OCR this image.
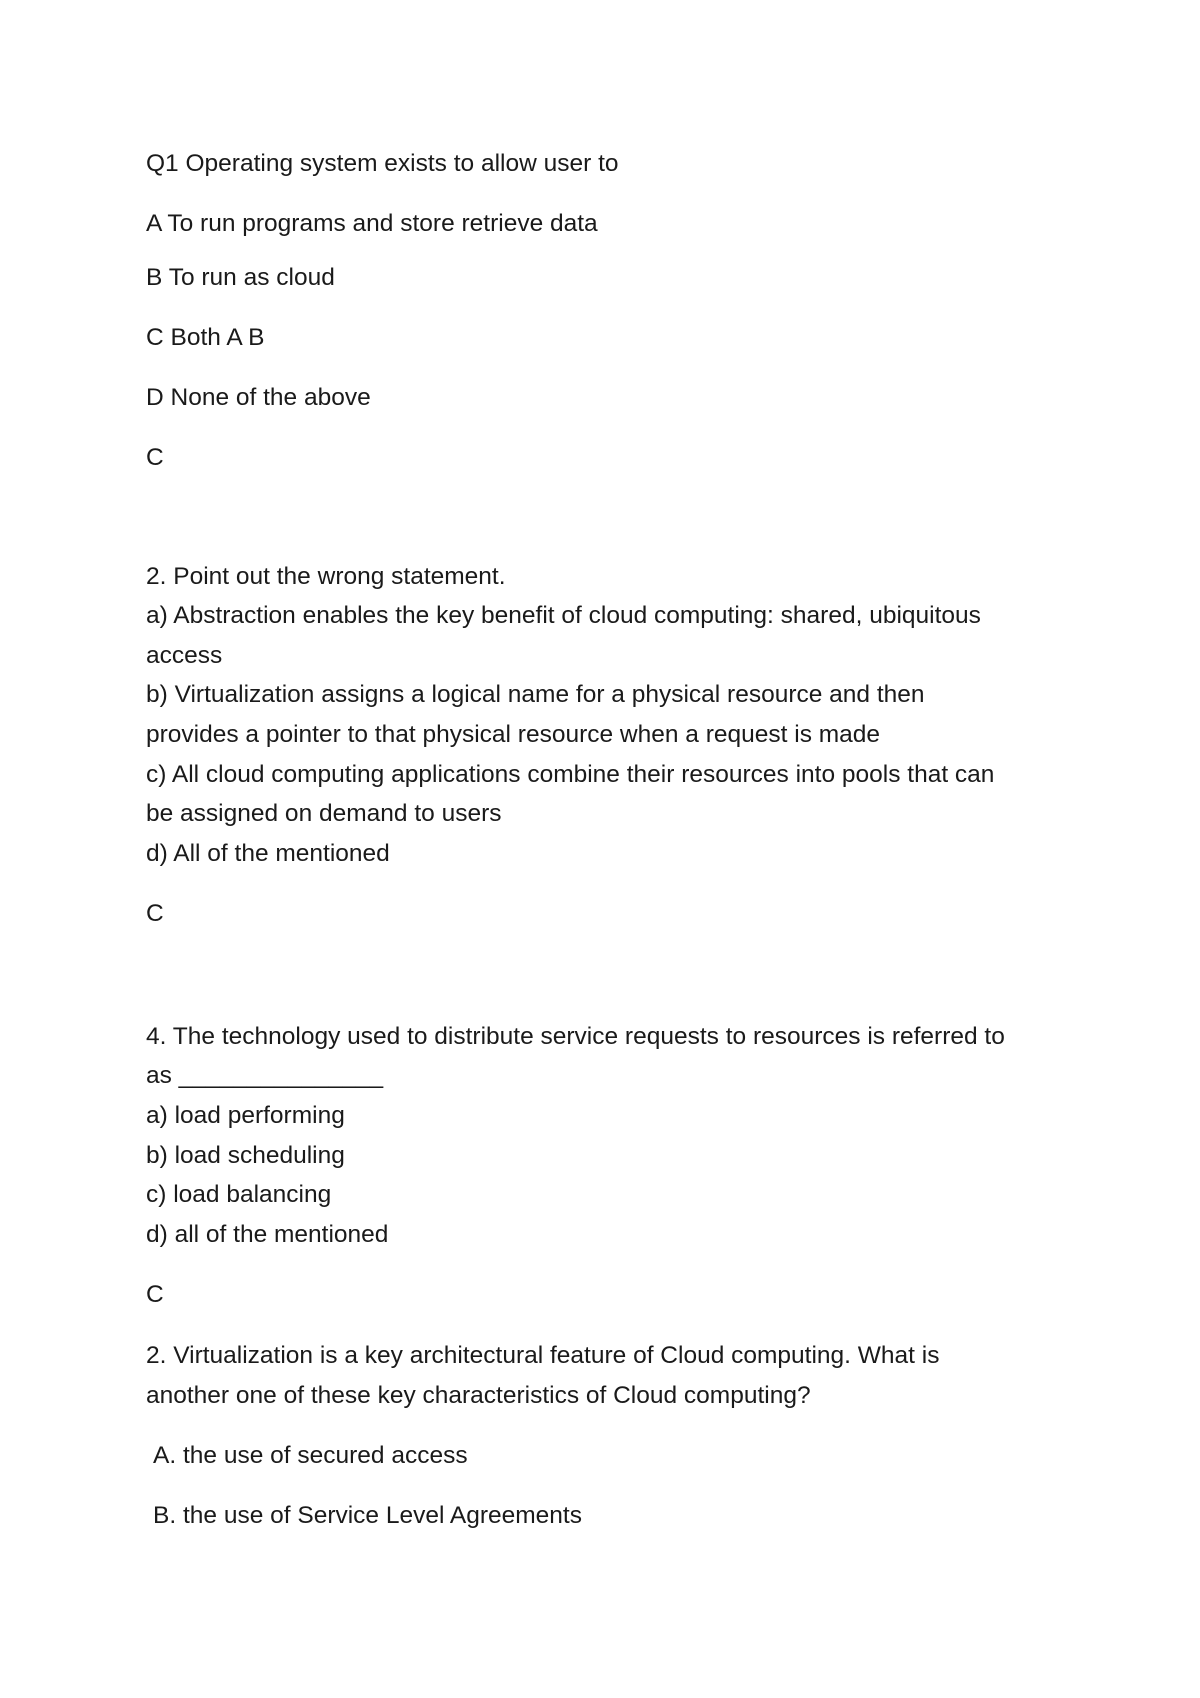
Q1 Operating system exists to allow user to

A To run programs and store retrieve data

B To run as cloud

C Both A B

D None of the above

C

2. Point out the wrong statement.

a) Abstraction enables the key benefit of cloud computing: shared, ubiquitous

access

b) Virtualization assigns a logical name for a physical resource and then

provides a pointer to that physical resource when a request is made

c) All cloud computing applications combine their resources into pools that can

be assigned on demand to users

d) All of the mentioned

C

4. The technology used to distribute service requests to resources is referred to

as _______________

a) load performing

b) load scheduling

c) load balancing

d) all of the mentioned

C

2. Virtualization is a key architectural feature of Cloud computing. What is

another one of these key characteristics of Cloud computing?

A. the use of secured access

B. the use of Service Level Agreements
